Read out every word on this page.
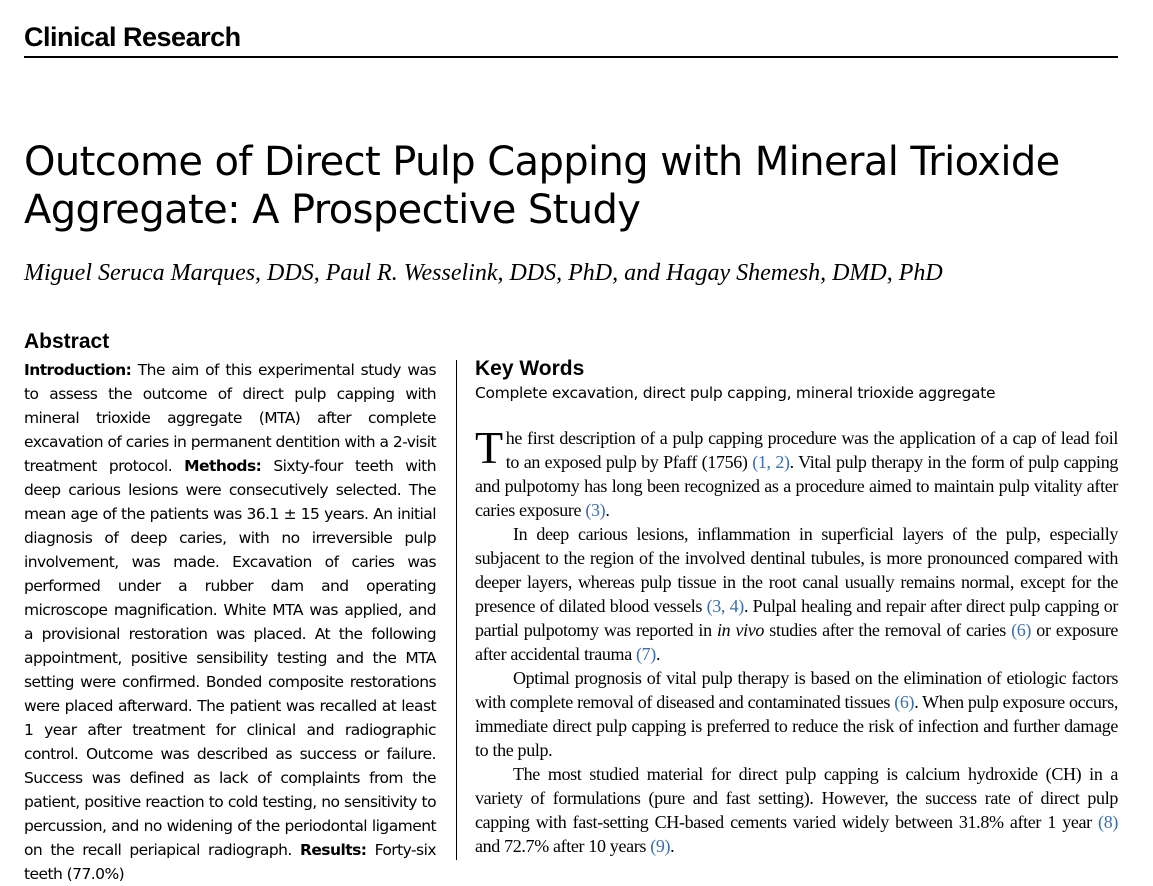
Clinical Research
Outcome of Direct Pulp Capping with Mineral Trioxide Aggregate: A Prospective Study
Miguel Seruca Marques, DDS, Paul R. Wesselink, DDS, PhD, and Hagay Shemesh, DMD, PhD
Abstract
Introduction: The aim of this experimental study was to assess the outcome of direct pulp capping with mineral trioxide aggregate (MTA) after complete excavation of caries in permanent dentition with a 2-visit treatment protocol. Methods: Sixty-four teeth with deep carious lesions were consecutively selected. The mean age of the patients was 36.1 ± 15 years. An initial diagnosis of deep caries, with no irreversible pulp involvement, was made. Excavation of caries was performed under a rubber dam and operating microscope magnification. White MTA was applied, and a provisional restoration was placed. At the following appointment, positive sensibility testing and the MTA setting were confirmed. Bonded composite restorations were placed afterward. The patient was recalled at least 1 year after treatment for clinical and radiographic control. Outcome was described as success or failure. Success was defined as lack of complaints from the patient, positive reaction to cold testing, no sensitivity to percussion, and no widening of the periodontal ligament on the recall periapical radiograph. Results: Forty-six teeth (77.0%)
Key Words
Complete excavation, direct pulp capping, mineral trioxide aggregate

The first description of a pulp capping procedure was the application of a cap of lead foil to an exposed pulp by Pfaff (1756) (1, 2). Vital pulp therapy in the form of pulp capping and pulpotomy has long been recognized as a procedure aimed to maintain pulp vitality after caries exposure (3).

In deep carious lesions, inflammation in superficial layers of the pulp, especially subjacent to the region of the involved dentinal tubules, is more pronounced compared with deeper layers, whereas pulp tissue in the root canal usually remains normal, except for the presence of dilated blood vessels (3, 4). Pulpal healing and repair after direct pulp capping or partial pulpotomy was reported in in vivo studies after the removal of caries (6) or exposure after accidental trauma (7).

Optimal prognosis of vital pulp therapy is based on the elimination of etiologic factors with complete removal of diseased and contaminated tissues (6). When pulp exposure occurs, immediate direct pulp capping is preferred to reduce the risk of infection and further damage to the pulp.

The most studied material for direct pulp capping is calcium hydroxide (CH) in a variety of formulations (pure and fast setting). However, the success rate of direct pulp capping with fast-setting CH-based cements varied widely between 31.8% after 1 year (8) and 72.7% after 10 years (9).
